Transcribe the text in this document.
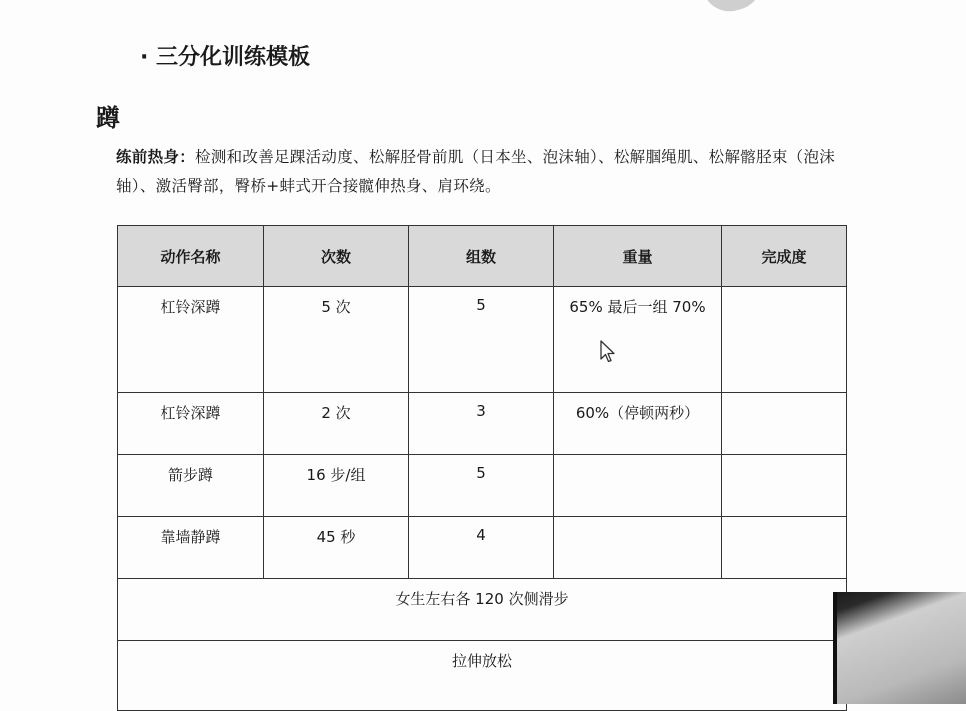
· 三分化训练模板
蹲
练前热身：检测和改善足踝活动度、松解胫骨前肌（日本坐、泡沫轴）、松解腘绳肌、松解髂胫束（泡沫轴）、激活臀部，臀桥+蚌式开合接髋伸热身、肩环绕。
动作名称	次数	组数	重量	完成度
杠铃深蹲	5 次	5	65% 最后一组 70%	
杠铃深蹲	2 次	3	60%（停顿两秒）	
箭步蹲	16 步/组	5		
靠墙静蹲	45 秒	4		
女生左右各 120 次侧滑步				
拉伸放松				
